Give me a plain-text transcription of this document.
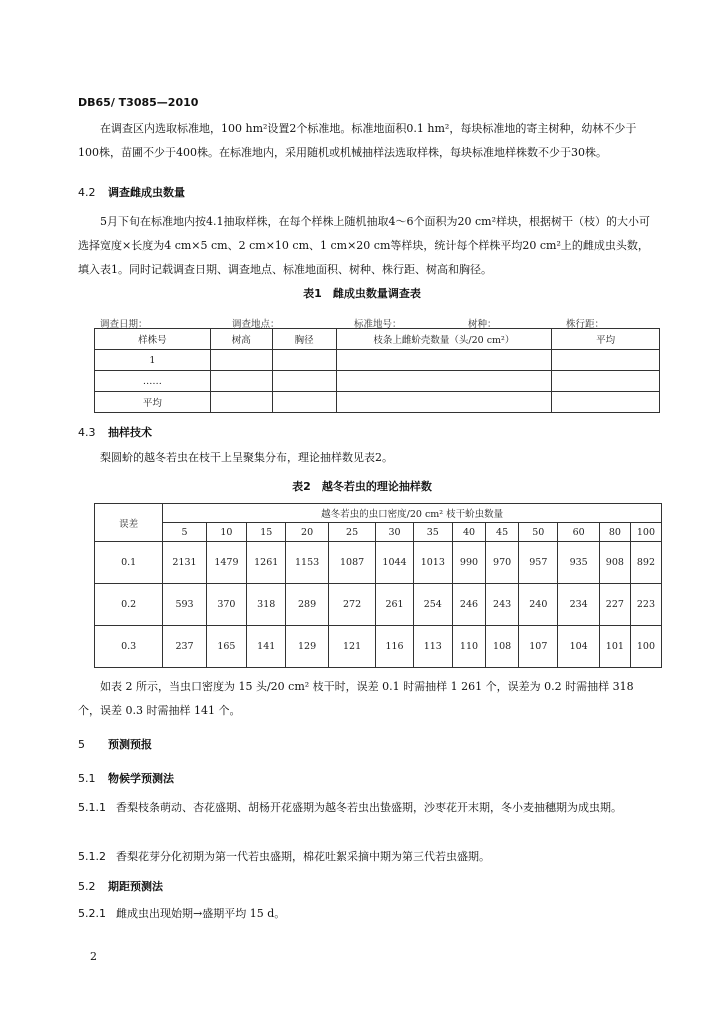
DB65/ T3085—2010
在调查区内选取标准地，100 hm²设置2个标准地。标准地面积0.1 hm²，每块标准地的寄主树种，幼林不少于100株，苗圃不少于400株。在标准地内，采用随机或机械抽样法选取样株，每块标准地样株数不少于30株。
4.2 调查雌成虫数量
5月下旬在标准地内按4.1抽取样株，在每个样株上随机抽取4～6个面积为20 cm²样块，根据树干（枝）的大小可选择宽度×长度为4 cm×5 cm、2 cm×10 cm、1 cm×20 cm等样块，统计每个样株平均20 cm²上的雌成虫头数，填入表1。同时记载调查日期、调查地点、标准地面积、树种、株行距、树高和胸径。
表1　雌成虫数量调查表
调查日期：	调查地点：	标准地号：	树种：	株行距：
样株号	树高	胸径	枝条上雌蚧壳数量（头/20 cm²）	平均
1				
……				
平均				
4.3 抽样技术
梨圆蚧的越冬若虫在枝干上呈聚集分布，理论抽样数见表2。
表2　越冬若虫的理论抽样数
误差	越冬若虫的虫口密度/20 cm² 枝干蚧虫数量												
	5	10	15	20	25	30	35	40	45	50	60	80	100
0.1	2131	1479	1261	1153	1087	1044	1013	990	970	957	935	908	892
0.2	593	370	318	289	272	261	254	246	243	240	234	227	223
0.3	237	165	141	129	121	116	113	110	108	107	104	101	100
如表 2 所示，当虫口密度为 15 头/20 cm² 枝干时，误差 0.1 时需抽样 1 261 个，误差为 0.2 时需抽样 318 个，误差 0.3 时需抽样 141 个。
5 预测预报
5.1 物候学预测法
5.1.1 香梨枝条萌动、杏花盛期、胡杨开花盛期为越冬若虫出蛰盛期，沙枣花开末期，冬小麦抽穗期为成虫期。
5.1.2 香梨花芽分化初期为第一代若虫盛期，棉花吐絮采摘中期为第三代若虫盛期。
5.2 期距预测法
5.2.1 雌成虫出现始期→盛期平均 15 d。
2
